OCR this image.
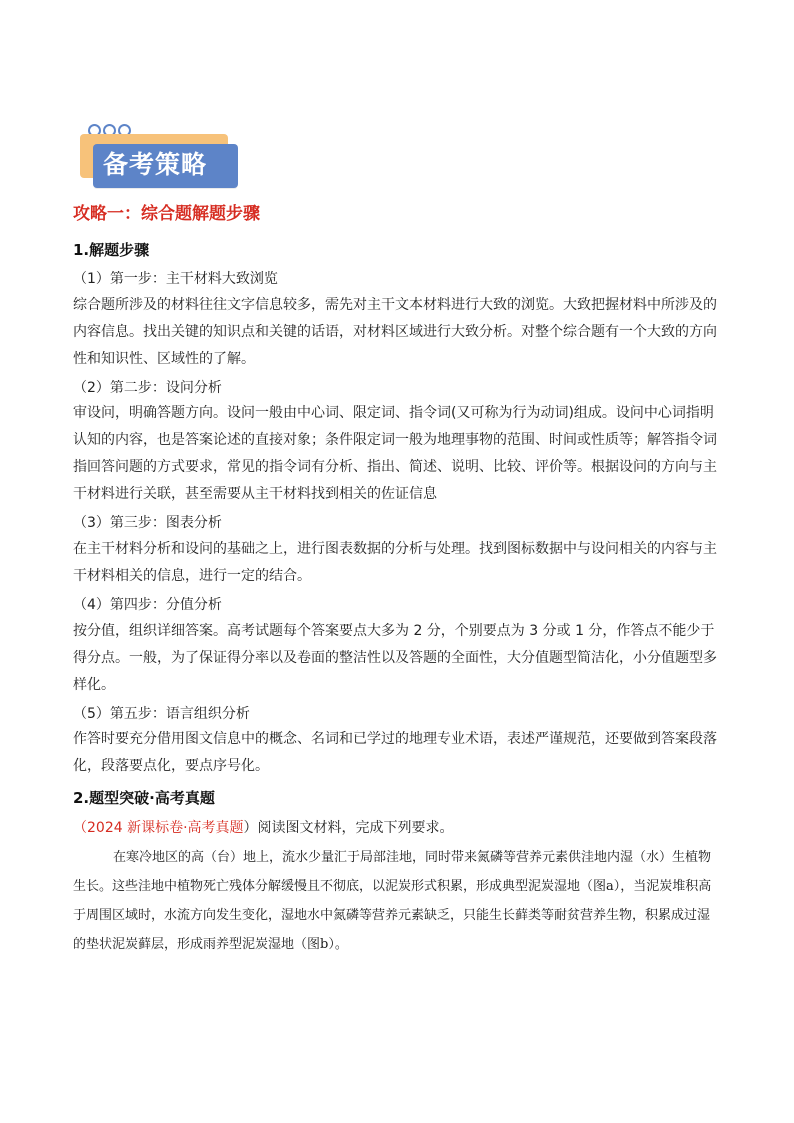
备考策略
攻略一：综合题解题步骤
1.解题步骤
（1）第一步：主干材料大致浏览

综合题所涉及的材料往往文字信息较多，需先对主干文本材料进行大致的浏览。大致把握材料中所涉及的内容信息。找出关键的知识点和关键的话语，对材料区域进行大致分析。对整个综合题有一个大致的方向性和知识性、区域性的了解。

（2）第二步：设问分析

审设问，明确答题方向。设问一般由中心词、限定词、指令词(又可称为行为动词)组成。设问中心词指明认知的内容，也是答案论述的直接对象；条件限定词一般为地理事物的范围、时间或性质等；解答指令词指回答问题的方式要求，常见的指令词有分析、指出、简述、说明、比较、评价等。根据设问的方向与主干材料进行关联，甚至需要从主干材料找到相关的佐证信息

（3）第三步：图表分析

在主干材料分析和设问的基础之上，进行图表数据的分析与处理。找到图标数据中与设问相关的内容与主干材料相关的信息，进行一定的结合。

（4）第四步：分值分析

按分值，组织详细答案。高考试题每个答案要点大多为 2 分，个别要点为 3 分或 1 分，作答点不能少于得分点。一般，为了保证得分率以及卷面的整洁性以及答题的全面性，大分值题型简洁化，小分值题型多样化。

（5）第五步：语言组织分析

作答时要充分借用图文信息中的概念、名词和已学过的地理专业术语，表述严谨规范，还要做到答案段落化，段落要点化，要点序号化。

2.题型突破·高考真题
（2024 新课标卷·高考真题）阅读图文材料，完成下列要求。

在寒冷地区的高（台）地上，流水少量汇于局部洼地，同时带来氮磷等营养元素供洼地内湿（水）生植物生长。这些洼地中植物死亡残体分解缓慢且不彻底，以泥炭形式积累，形成典型泥炭湿地（图a），当泥炭堆积高于周围区域时，水流方向发生变化，湿地水中氮磷等营养元素缺乏，只能生长藓类等耐贫营养生物，积累成过湿的垫状泥炭藓层，形成雨养型泥炭湿地（图b）。
